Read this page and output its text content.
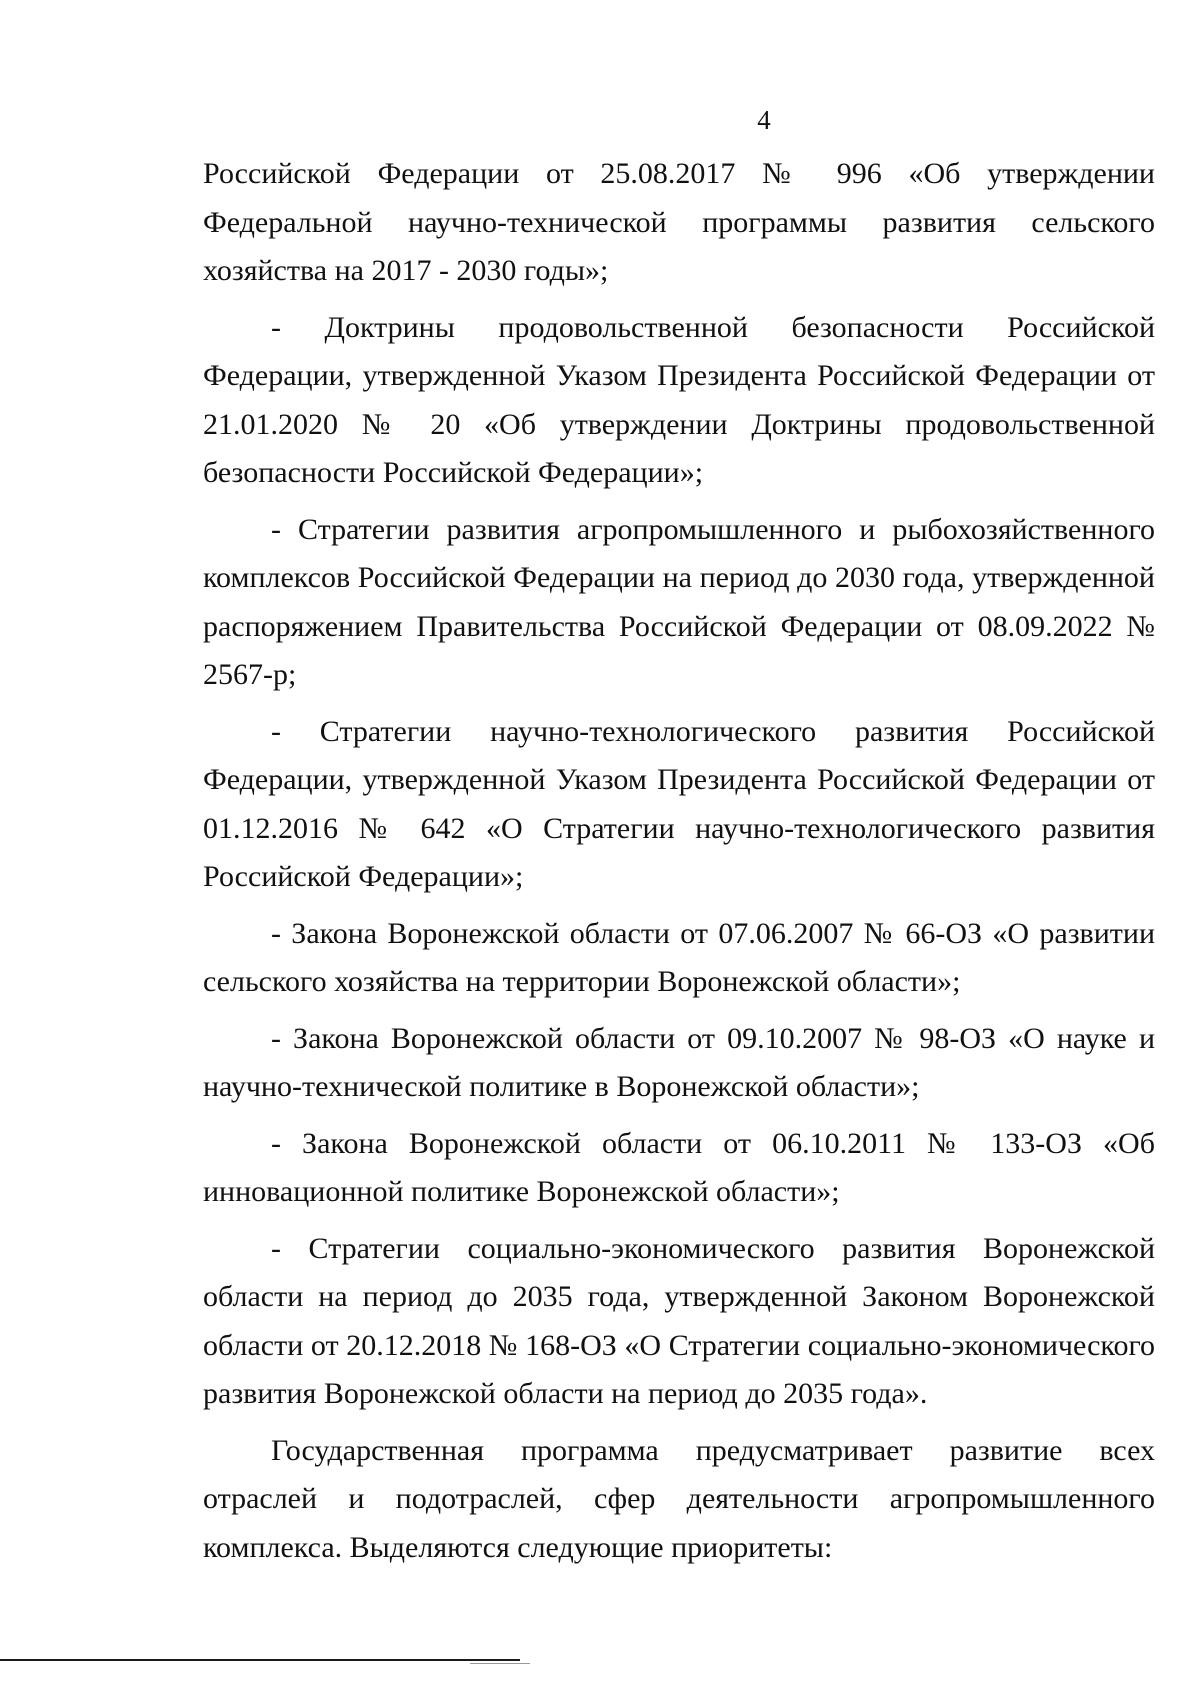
4

Российской Федерации от 25.08.2017 № 996 «Об утверждении Федеральной научно-технической программы развития сельского хозяйства на 2017 - 2030 годы»;

- Доктрины продовольственной безопасности Российской Федерации, утвержденной Указом Президента Российской Федерации от 21.01.2020 № 20 «Об утверждении Доктрины продовольственной безопасности Российской Федерации»;

- Стратегии развития агропромышленного и рыбохозяйственного комплексов Российской Федерации на период до 2030 года, утвержденной распоряжением Правительства Российской Федерации от 08.09.2022 № 2567-р;

- Стратегии научно-технологического развития Российской Федерации, утвержденной Указом Президента Российской Федерации от 01.12.2016 № 642 «О Стратегии научно-технологического развития Российской Федерации»;

- Закона Воронежской области от 07.06.2007 № 66-ОЗ «О развитии сельского хозяйства на территории Воронежской области»;

- Закона Воронежской области от 09.10.2007 № 98-ОЗ «О науке и научно-технической политике в Воронежской области»;

- Закона Воронежской области от 06.10.2011 № 133-ОЗ «Об инновационной политике Воронежской области»;

- Стратегии социально-экономического развития Воронежской области на период до 2035 года, утвержденной Законом Воронежской области от 20.12.2018 № 168-ОЗ «О Стратегии социально-экономического развития Воронежской области на период до 2035 года».

Государственная программа предусматривает развитие всех отраслей и подотраслей, сфер деятельности агропромышленного комплекса. Выделяются следующие приоритеты:
